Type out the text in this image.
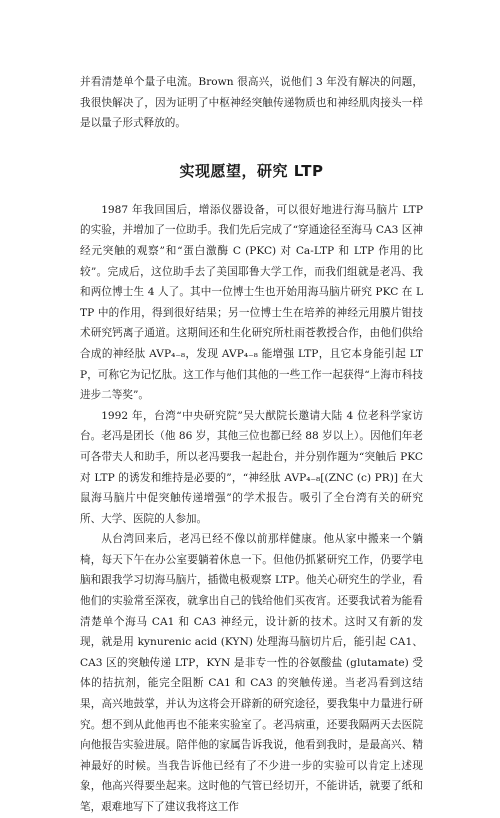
并看清楚单个量子电流。Brown 很高兴，说他们 3 年没有解决的问题，我很快解决了，因为证明了中枢神经突触传递物质也和神经肌肉接头一样是以量子形式释放的。

实现愿望，研究 LTP

1987 年我回国后，增添仪器设备，可以很好地进行海马脑片 LTP 的实验，并增加了一位助手。我们先后完成了“穿通途径至海马 CA3 区神经元突触的观察”和“蛋白激酶 C (PKC) 对 Ca-LTP 和 LTP 作用的比较”。完成后，这位助手去了美国耶鲁大学工作，而我们组就是老冯、我和两位博士生 4 人了。其中一位博士生也开始用海马脑片研究 PKC 在 LTP 中的作用，得到很好结果；另一位博士生在培养的神经元用膜片钳技术研究钙离子通道。这期间还和生化研究所杜雨苍教授合作，由他们供给合成的神经肽 AVP₄₋₈，发现 AVP₄₋₈ 能增强 LTP，且它本身能引起 LTP，可称它为记忆肽。这工作与他们其他的一些工作一起获得“上海市科技进步二等奖”。

1992 年，台湾“中央研究院”吴大猷院长邀请大陆 4 位老科学家访台。老冯是团长（他 86 岁，其他三位也都已经 88 岁以上）。因他们年老可各带夫人和助手，所以老冯要我一起赴台，并分别作题为“突触后 PKC 对 LTP 的诱发和维持是必要的”，“神经肽 AVP₄₋₈[(ZNC (c) PR)] 在大鼠海马脑片中促突触传递增强”的学术报告。吸引了全台湾有关的研究所、大学、医院的人参加。

从台湾回来后，老冯已经不像以前那样健康。他从家中搬来一个躺椅，每天下午在办公室要躺着休息一下。但他仍抓紧研究工作，仍要学电脑和跟我学习切海马脑片，插微电极观察 LTP。他关心研究生的学业，看他们的实验常至深夜，就拿出自己的钱给他们买夜宵。还要我试着为能看清楚单个海马 CA1 和 CA3 神经元，设计新的技术。这时又有新的发现，就是用 kynurenic acid (KYN) 处理海马脑切片后，能引起 CA1、CA3 区的突触传递 LTP，KYN 是非专一性的谷氨酸盐 (glutamate) 受体的拮抗剂，能完全阻断 CA1 和 CA3 的突触传递。当老冯看到这结果，高兴地鼓掌，并认为这将会开辟新的研究途径，要我集中力量进行研究。想不到从此他再也不能来实验室了。老冯病重，还要我隔两天去医院向他报告实验进展。陪伴他的家属告诉我说，他看到我时，是最高兴、精神最好的时候。当我告诉他已经有了不少进一步的实验可以肯定上述现象，他高兴得要坐起来。这时他的气管已经切开，不能讲话，就要了纸和笔，艰难地写下了建议我将这工作
